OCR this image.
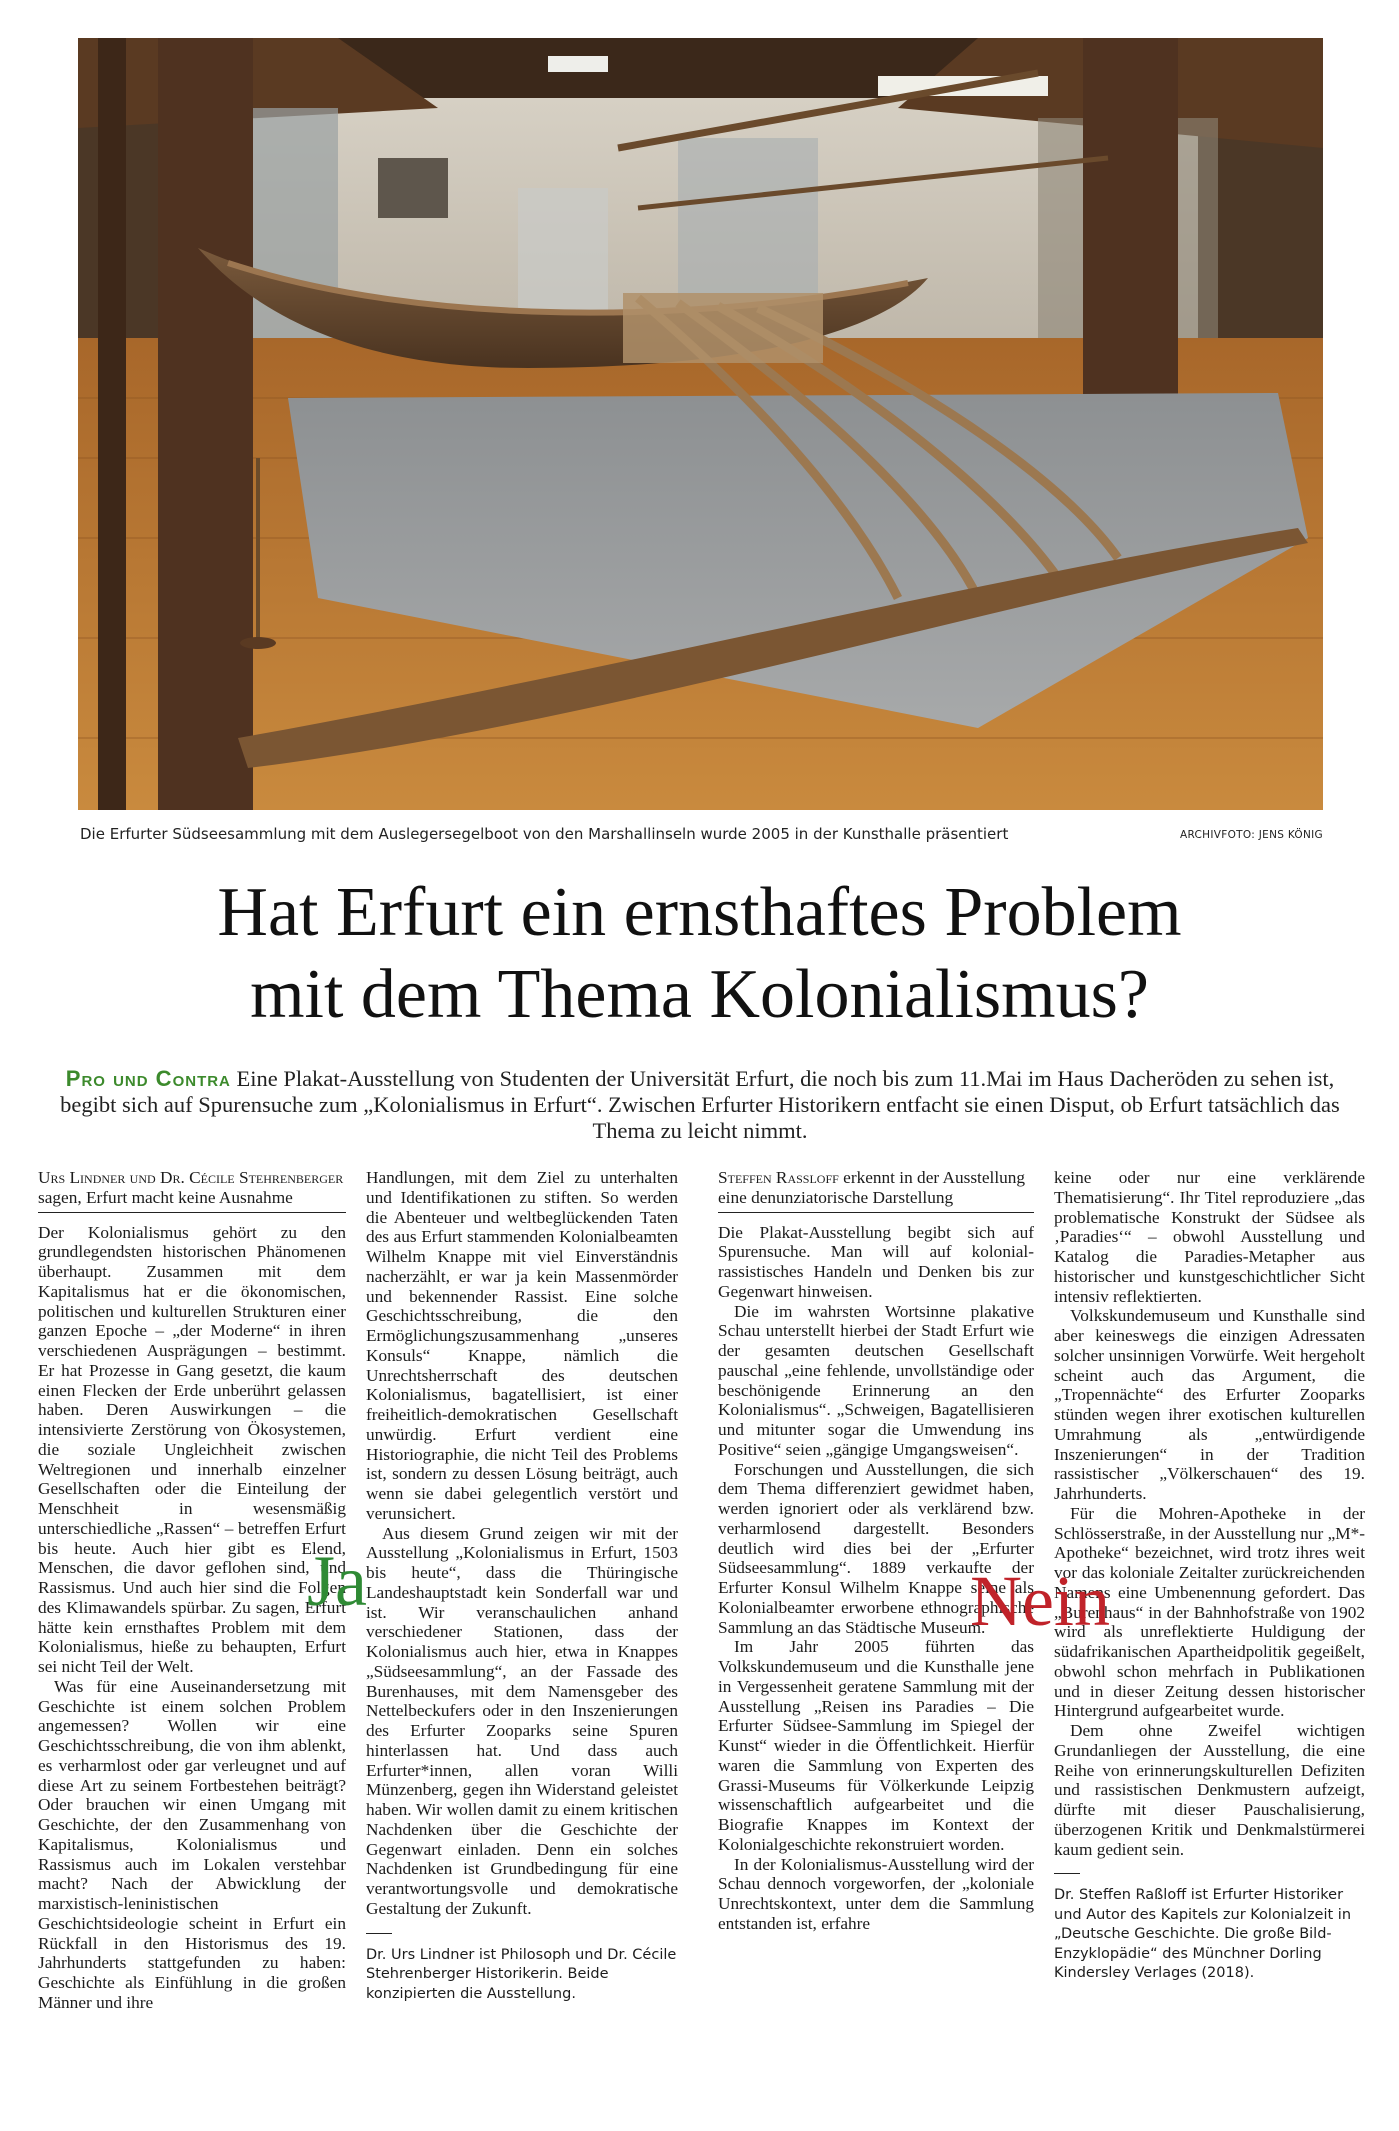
Die Erfurter Südseesammlung mit dem Auslegersegelboot von den Marshallinseln wurde 2005 in der Kunsthalle präsentiert	ARCHIVFOTO: JENS KÖNIG
Hat Erfurt ein ernsthaftes Problem
mit dem Thema Kolonialismus?
Pro und Contra Eine Plakat-Ausstellung von Studenten der Universität Erfurt, die noch bis zum 11.Mai im Haus Dacheröden zu sehen ist, begibt sich auf Spurensuche zum „Kolonialismus in Erfurt“. Zwischen Erfurter Historikern entfacht sie einen Disput, ob Erfurt tatsächlich das Thema zu leicht nimmt.
Urs Lindner und Dr. Cécile Stehrenberger sagen, Erfurt macht keine Ausnahme

Der Kolonialismus gehört zu den grundlegendsten historischen Phänomenen überhaupt. Zusammen mit dem Kapitalismus hat er die ökonomischen, politischen und kulturellen Strukturen einer ganzen Epoche – „der Moderne“ in ihren verschiedenen Ausprägungen – bestimmt. Er hat Prozesse in Gang gesetzt, die kaum einen Flecken der Erde unberührt gelassen haben. Deren Auswirkungen – die intensivierte Zerstörung von Ökosystemen, die soziale Ungleichheit zwischen Weltregionen und innerhalb einzelner Gesellschaften oder die Einteilung der Menschheit in wesensmäßig unterschiedliche „Rassen“ – betreffen Erfurt bis heute. Auch hier gibt es Elend, Menschen, die davor geflohen sind, und Rassismus. Und auch hier sind die Folgen des Klimawandels spürbar. Zu sagen, Erfurt hätte kein ernsthaftes Problem mit dem Kolonialismus, hieße zu behaupten, Erfurt sei nicht Teil der Welt.

Was für eine Auseinandersetzung mit Geschichte ist einem solchen Problem angemessen? Wollen wir eine Geschichtsschreibung, die von ihm ablenkt, es verharmlost oder gar verleugnet und auf diese Art zu seinem Fortbestehen beiträgt? Oder brauchen wir einen Umgang mit Geschichte, der den Zusammenhang von Kapitalismus, Kolonialismus und Rassismus auch im Lokalen verstehbar macht? Nach der Abwicklung der marxistisch-leninistischen Geschichtsideologie scheint in Erfurt ein Rückfall in den Historismus des 19. Jahrhunderts stattgefunden zu haben: Geschichte als Einfühlung in die großen Männer und ihre

Handlungen, mit dem Ziel zu unterhalten und Identifikationen zu stiften. So werden die Abenteuer und weltbeglückenden Taten des aus Erfurt stammenden Kolonialbeamten Wilhelm Knappe mit viel Einverständnis nacherzählt, er war ja kein Massenmörder und bekennender Rassist. Eine solche Geschichtsschreibung, die den Ermöglichungszusammenhang „unseres Konsuls“ Knappe, nämlich die Unrechtsherrschaft des deutschen Kolonialismus, bagatellisiert, ist einer freiheitlich-demokratischen Gesellschaft unwürdig. Erfurt verdient eine Historiographie, die nicht Teil des Problems ist, sondern zu dessen Lösung beiträgt, auch wenn sie dabei gelegentlich verstört und verunsichert.

Aus diesem Grund zeigen wir mit der Ausstellung „Kolonialismus in Erfurt, 1503 bis heute“, dass die Thüringische Landeshauptstadt kein Sonderfall war und ist. Wir veranschaulichen anhand verschiedener Stationen, dass der Kolonialismus auch hier, etwa in Knappes „Südseesammlung“, an der Fassade des Burenhauses, mit dem Namensgeber des Nettelbeckufers oder in den Inszenierungen des Erfurter Zooparks seine Spuren hinterlassen hat. Und dass auch Erfurter*innen, allen voran Willi Münzenberg, gegen ihn Widerstand geleistet haben. Wir wollen damit zu einem kritischen Nachdenken über die Geschichte der Gegenwart einladen. Denn ein solches Nachdenken ist Grundbedingung für eine verantwortungsvolle und demokratische Gestaltung der Zukunft.

Dr. Urs Lindner ist Philosoph und Dr. Cécile Stehrenberger Historikerin. Beide konzipierten die Ausstellung.
Ja
Steffen Raßloff erkennt in der Ausstellung eine denunziatorische Darstellung

Die Plakat-Ausstellung begibt sich auf Spurensuche. Man will auf kolonial-rassistisches Handeln und Denken bis zur Gegenwart hinweisen.

Die im wahrsten Wortsinne plakative Schau unterstellt hierbei der Stadt Erfurt wie der gesamten deutschen Gesellschaft pauschal „eine fehlende, unvollständige oder beschönigende Erinnerung an den Kolonialismus“. „Schweigen, Bagatellisieren und mitunter sogar die Umwendung ins Positive“ seien „gängige Umgangsweisen“.

Forschungen und Ausstellungen, die sich dem Thema differenziert gewidmet haben, werden ignoriert oder als verklärend bzw. verharmlosend dargestellt. Besonders deutlich wird dies bei der „Erfurter Südseesammlung“. 1889 verkaufte der Erfurter Konsul Wilhelm Knappe seine als Kolonialbeamter erworbene ethnographische Sammlung an das Städtische Museum.

Im Jahr 2005 führten das Volkskundemuseum und die Kunsthalle jene in Vergessenheit geratene Sammlung mit der Ausstellung „Reisen ins Paradies – Die Erfurter Südsee-Sammlung im Spiegel der Kunst“ wieder in die Öffentlichkeit. Hierfür waren die Sammlung von Experten des Grassi-Museums für Völkerkunde Leipzig wissenschaftlich aufgearbeitet und die Biografie Knappes im Kontext der Kolonialgeschichte rekonstruiert worden.

In der Kolonialismus-Ausstellung wird der Schau dennoch vorgeworfen, der „koloniale Unrechtskontext, unter dem die Sammlung entstanden ist, erfahre

keine oder nur eine verklärende Thematisierung“. Ihr Titel reproduziere „das problematische Konstrukt der Südsee als ‚Paradies‘“ – obwohl Ausstellung und Katalog die Paradies-Metapher aus historischer und kunstgeschichtlicher Sicht intensiv reflektierten.

Volkskundemuseum und Kunsthalle sind aber keineswegs die einzigen Adressaten solcher unsinnigen Vorwürfe. Weit hergeholt scheint auch das Argument, die „Tropennächte“ des Erfurter Zooparks stünden wegen ihrer exotischen kulturellen Umrahmung als „entwürdigende Inszenierungen“ in der Tradition rassistischer „Völkerschauen“ des 19. Jahrhunderts.

Für die Mohren-Apotheke in der Schlösserstraße, in der Ausstellung nur „M*-Apotheke“ bezeichnet, wird trotz ihres weit vor das koloniale Zeitalter zurückreichenden Namens eine Umbenennung gefordert. Das „Burenhaus“ in der Bahnhofstraße von 1902 wird als unreflektierte Huldigung der südafrikanischen Apartheidpolitik gegeißelt, obwohl schon mehrfach in Publikationen und in dieser Zeitung dessen historischer Hintergrund aufgearbeitet wurde.

Dem ohne Zweifel wichtigen Grundanliegen der Ausstellung, die eine Reihe von erinnerungskulturellen Defiziten und rassistischen Denkmustern aufzeigt, dürfte mit dieser Pauschalisierung, überzogenen Kritik und Denkmalstürmerei kaum gedient sein.

Dr. Steffen Raßloff ist Erfurter Historiker und Autor des Kapitels zur Kolonialzeit in „Deutsche Geschichte. Die große Bild-Enzyklopädie“ des Münchner Dorling Kindersley Verlages (2018).
Nein
